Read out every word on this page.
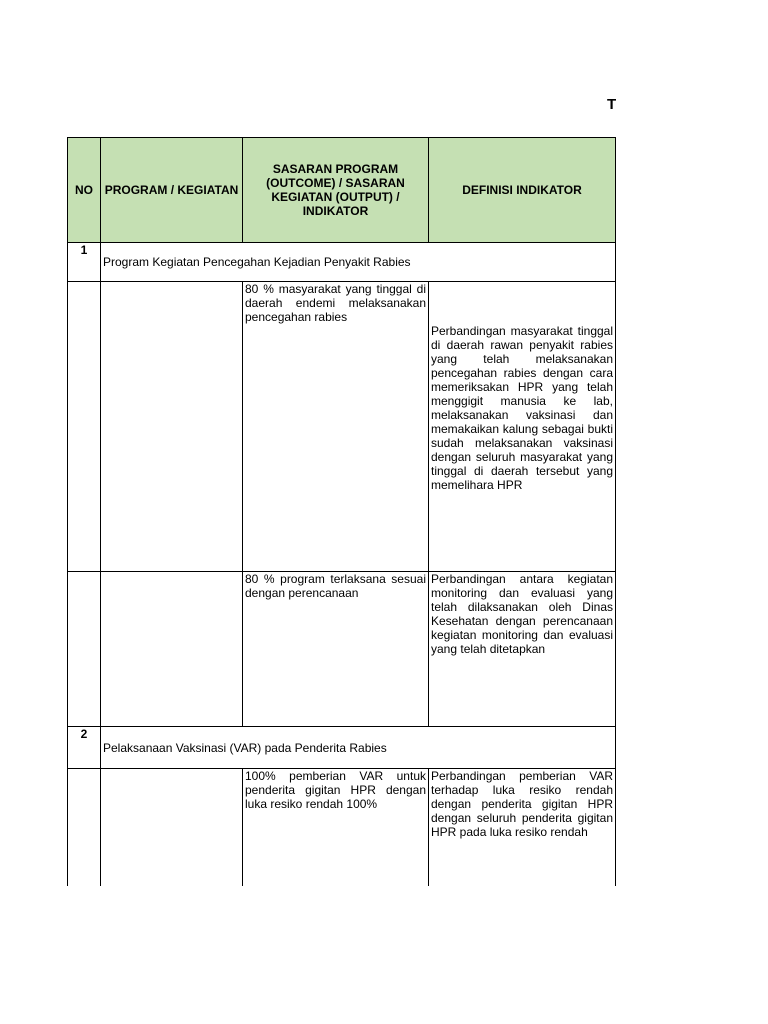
T
NO	PROGRAM / KEGIATAN	SASARAN PROGRAM (OUTCOME) / SASARAN KEGIATAN (OUTPUT) / INDIKATOR	DEFINISI INDIKATOR
1	Program Kegiatan Pencegahan Kejadian Penyakit Rabies		
		80 % masyarakat yang tinggal di daerah endemi melaksanakan pencegahan rabies	Perbandingan masyarakat tinggal di daerah rawan penyakit rabies yang telah melaksanakan pencegahan rabies dengan cara memeriksakan HPR yang telah menggigit manusia ke lab, melaksanakan vaksinasi dan memakaikan kalung sebagai bukti sudah melaksanakan vaksinasi dengan seluruh masyarakat yang tinggal di daerah tersebut yang memelihara HPR
		80 % program terlaksana sesuai dengan perencanaan	Perbandingan antara kegiatan monitoring dan evaluasi yang telah dilaksanakan oleh Dinas Kesehatan dengan perencanaan kegiatan monitoring dan evaluasi yang telah ditetapkan
2	Pelaksanaan Vaksinasi (VAR) pada Penderita Rabies		
		100% pemberian VAR untuk penderita gigitan HPR dengan luka resiko rendah 100%	Perbandingan pemberian VAR terhadap luka resiko rendah dengan penderita gigitan HPR dengan seluruh penderita gigitan HPR pada luka resiko rendah
